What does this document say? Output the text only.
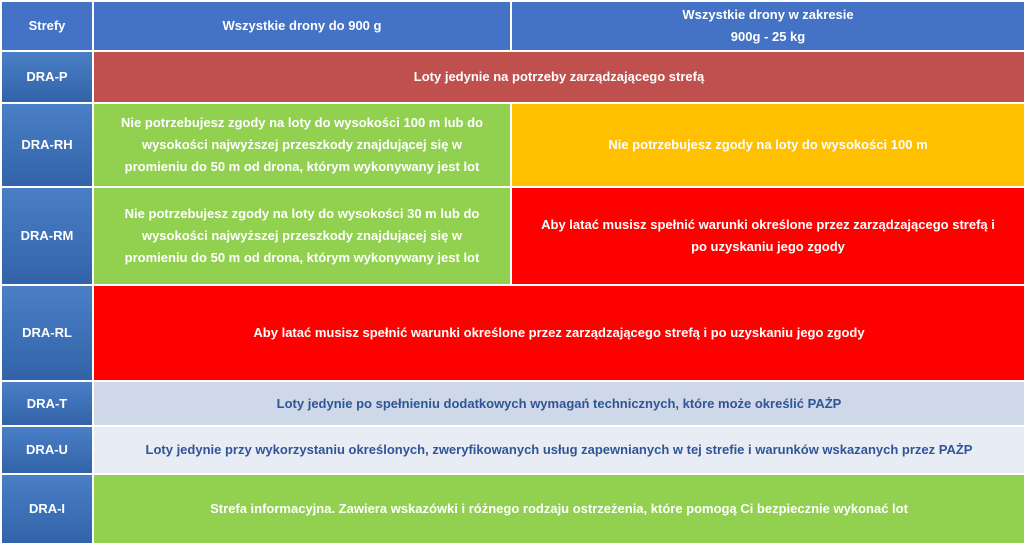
Strefy	Wszystkie drony do 900 g	Wszystkie drony w zakresie
900g - 25 kg
DRA-P	Loty jedynie na potrzeby zarządzającego strefą	
DRA-RH	Nie potrzebujesz zgody na loty do wysokości 100 m lub do wysokości najwyższej przeszkody znajdującej się w promieniu do 50 m od drona, którym wykonywany jest lot	Nie potrzebujesz zgody na loty do wysokości 100 m
DRA-RM	Nie potrzebujesz zgody na loty do wysokości 30 m lub do wysokości najwyższej przeszkody znajdującej się w promieniu do 50 m od drona, którym wykonywany jest lot	Aby latać musisz spełnić warunki określone przez zarządzającego strefą i po uzyskaniu jego zgody
DRA-RL	Aby latać musisz spełnić warunki określone przez zarządzającego strefą i po uzyskaniu jego zgody	
DRA-T	Loty jedynie po spełnieniu dodatkowych wymagań technicznych, które może określić PAŻP	
DRA-U	Loty jedynie przy wykorzystaniu określonych, zweryfikowanych usług zapewnianych w tej strefie i warunków wskazanych przez PAŻP	
DRA-I	Strefa informacyjna. Zawiera wskazówki i różnego rodzaju ostrzeżenia, które pomogą Ci bezpiecznie wykonać lot	
